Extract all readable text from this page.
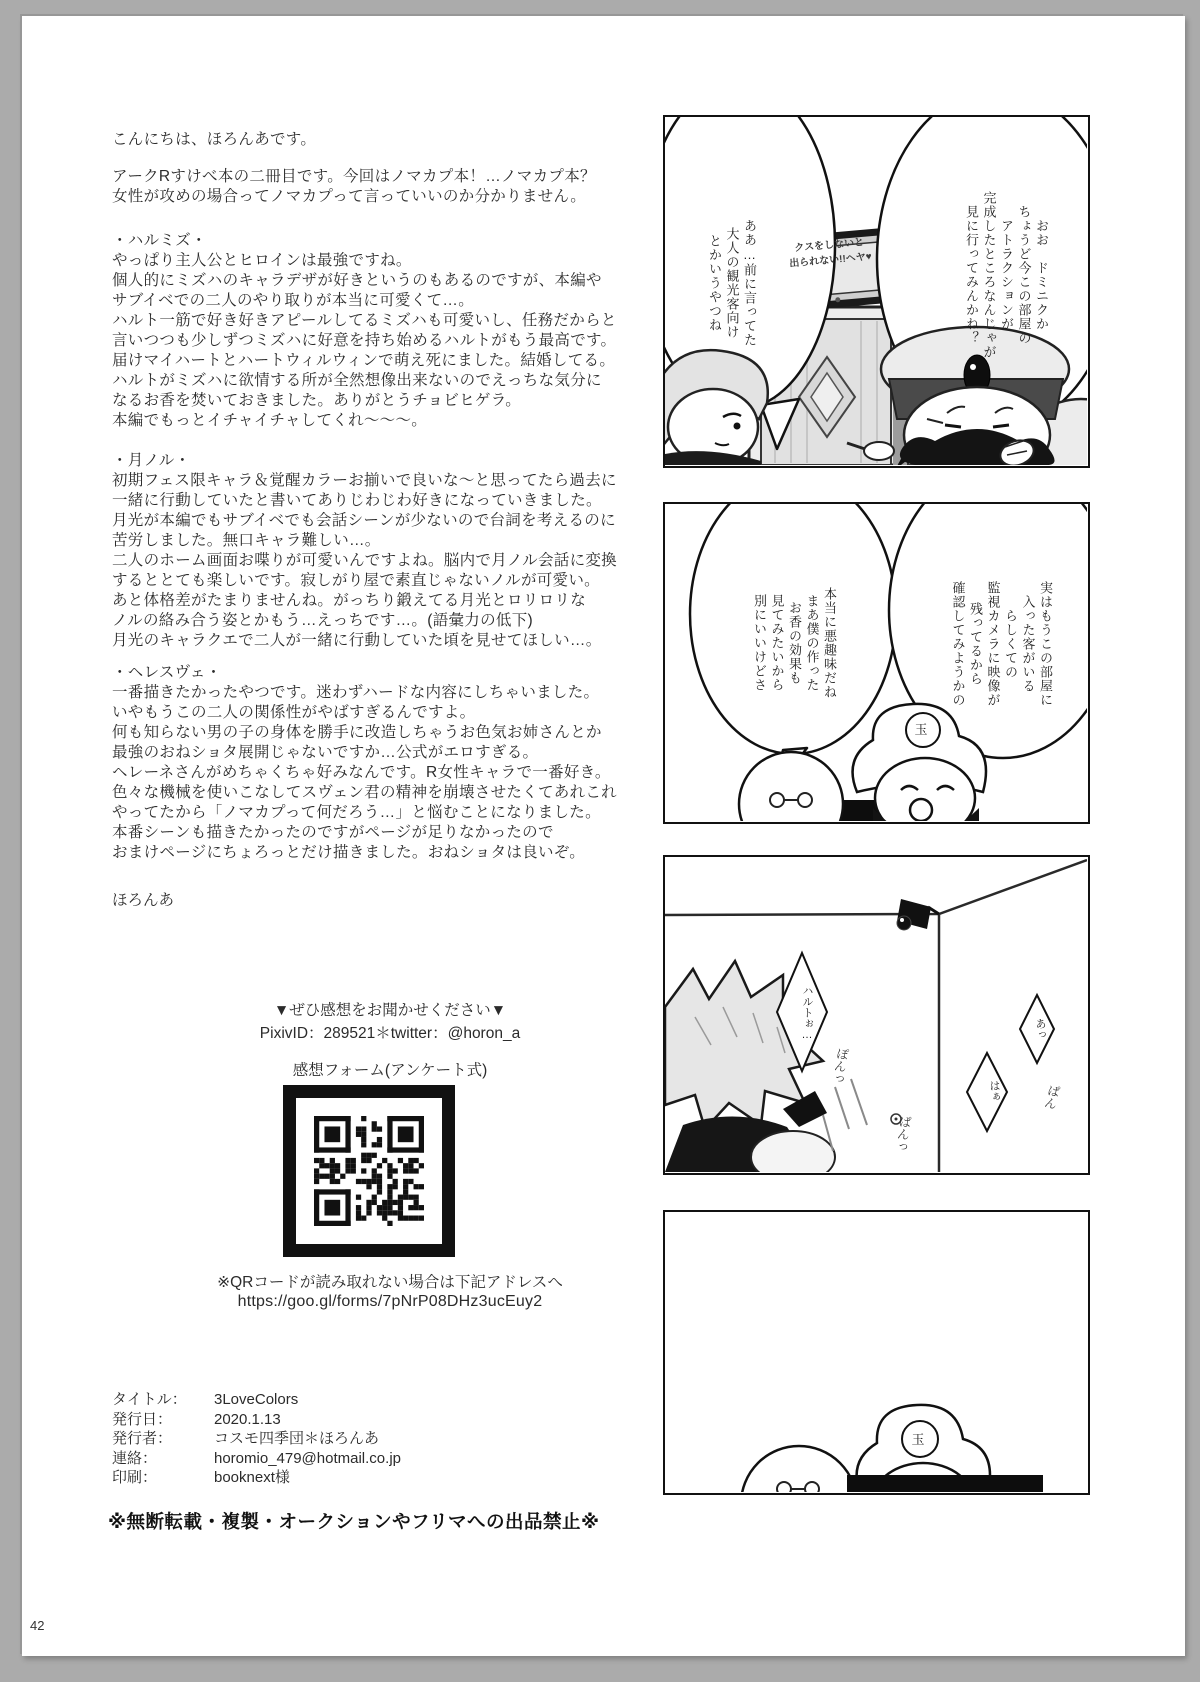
こんにちは、ほろんあです。
アークRすけべ本の二冊目です。今回はノマカプ本！…ノマカプ本？
女性が攻めの場合ってノマカプって言っていいのか分かりません。
・ハルミズ・
やっぱり主人公とヒロインは最強ですね。
個人的にミズハのキャラデザが好きというのもあるのですが、本編や
サブイベでの二人のやり取りが本当に可愛くて…。
ハルト一筋で好き好きアピールしてるミズハも可愛いし、任務だからと
言いつつも少しずつミズハに好意を持ち始めるハルトがもう最高です。
届けマイハートとハートウィルウィンで萌え死にました。結婚してる。
ハルトがミズハに欲情する所が全然想像出来ないのでえっちな気分に
なるお香を焚いておきました。ありがとうチョビヒゲラ。
本編でもっとイチャイチャしてくれ～～～。
・月ノル・
初期フェス限キャラ＆覚醒カラーお揃いで良いな～と思ってたら過去に
一緒に行動していたと書いてありじわじわ好きになっていきました。
月光が本編でもサブイベでも会話シーンが少ないので台詞を考えるのに
苦労しました。無口キャラ難しい…。
二人のホーム画面お喋りが可愛いんですよね。脳内で月ノル会話に変換
するととても楽しいです。寂しがり屋で素直じゃないノルが可愛い。
あと体格差がたまりませんね。がっちり鍛えてる月光とロリロリな
ノルの絡み合う姿とかもう…えっちです…。(語彙力の低下)
月光のキャラクエで二人が一緒に行動していた頃を見せてほしい…。
・ヘレスヴェ・
一番描きたかったやつです。迷わずハードな内容にしちゃいました。
いやもうこの二人の関係性がやばすぎるんですよ。
何も知らない男の子の身体を勝手に改造しちゃうお色気お姉さんとか
最強のおねショタ展開じゃないですか…公式がエロすぎる。
ヘレーネさんがめちゃくちゃ好みなんです。R女性キャラで一番好き。
色々な機械を使いこなしてスヴェン君の精神を崩壊させたくてあれこれ
やってたから「ノマカプって何だろう…」と悩むことになりました。
本番シーンも描きたかったのですがページが足りなかったので
おまけページにちょろっとだけ描きました。おねショタは良いぞ。
ほろんあ
▼ぜひ感想をお聞かせください▼
PixivID：289521＊twitter：@horon_a
感想フォーム(アンケート式)
※QRコードが読み取れない場合は下記アドレスへ
https://goo.gl/forms/7pNrP08DHz3ucEuy2
タイトル：	3LoveColors
発行日：	2020.1.13
発行者：	コスモ四季団＊ほろんあ
連絡：	horomio_479@hotmail.co.jp
印刷：	booknext様
※無断転載・複製・オークションやフリマへの出品禁止※
42
おお　ドミニクか
ちょうど今この部屋の
アトラクションが
完成したところなんじゃが
見に行ってみんかね？
ああ…前に言ってた
大人の観光客向け
とかいうやつね	クスをしないと
出られない!!ヘヤ♥
実はもうこの部屋に
入った客がいる
らしくての
監視カメラに映像が
残ってるから
確認してみようかの
本当に悪趣味だね
まあ僕の作った
お香の効果も
見てみたいから
別にいいけどさ
ハルトぉ…	あっ
はぁ
ぽんっ
ぱんっ
ぱん
玉
玉
